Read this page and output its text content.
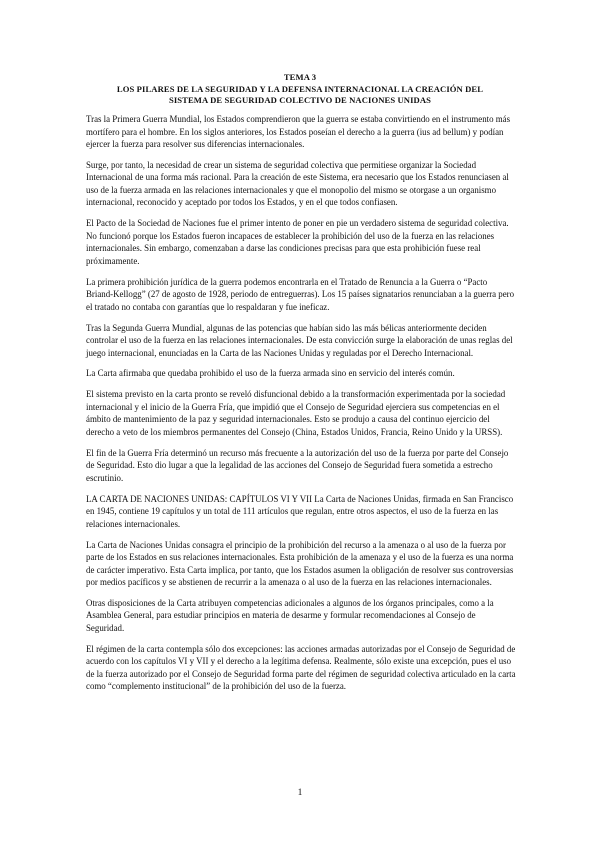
TEMA 3
LOS PILARES DE LA SEGURIDAD Y LA DEFENSA INTERNACIONAL LA CREACIÓN DEL
SISTEMA DE SEGURIDAD COLECTIVO DE NACIONES UNIDAS

Tras la Primera Guerra Mundial, los Estados comprendieron que la guerra se estaba convirtiendo en el instrumento más mortífero para el hombre. En los siglos anteriores, los Estados poseían el derecho a la guerra (ius ad bellum) y podían ejercer la fuerza para resolver sus diferencias internacionales.

Surge, por tanto, la necesidad de crear un sistema de seguridad colectiva que permitiese organizar la Sociedad Internacional de una forma más racional. Para la creación de este Sistema, era necesario que los Estados renunciasen al uso de la fuerza armada en las relaciones internacionales y que el monopolio del mismo se otorgase a un organismo internacional, reconocido y aceptado por todos los Estados, y en el que todos confiasen.

El Pacto de la Sociedad de Naciones fue el primer intento de poner en pie un verdadero sistema de seguridad colectiva. No funcionó porque los Estados fueron incapaces de establecer la prohibición del uso de la fuerza en las relaciones internacionales. Sin embargo, comenzaban a darse las condiciones precisas para que esta prohibición fuese real próximamente.

La primera prohibición jurídica de la guerra podemos encontrarla en el Tratado de Renuncia a la Guerra o “Pacto Briand-Kellogg” (27 de agosto de 1928, periodo de entreguerras). Los 15 países signatarios renunciaban a la guerra pero el tratado no contaba con garantías que lo respaldaran y fue ineficaz.

Tras la Segunda Guerra Mundial, algunas de las potencias que habían sido las más bélicas anteriormente deciden controlar el uso de la fuerza en las relaciones internacionales. De esta convicción surge la elaboración de unas reglas del juego internacional, enunciadas en la Carta de las Naciones Unidas y reguladas por el Derecho Internacional.

La Carta afirmaba que quedaba prohibido el uso de la fuerza armada sino en servicio del interés común.

El sistema previsto en la carta pronto se reveló disfuncional debido a la transformación experimentada por la sociedad internacional y el inicio de la Guerra Fría, que impidió que el Consejo de Seguridad ejerciera sus competencias en el ámbito de mantenimiento de la paz y seguridad internacionales. Esto se produjo a causa del continuo ejercicio del derecho a veto de los miembros permanentes del Consejo (China, Estados Unidos, Francia, Reino Unido y la URSS).

El fin de la Guerra Fría determinó un recurso más frecuente a la autorización del uso de la fuerza por parte del Consejo de Seguridad. Esto dio lugar a que la legalidad de las acciones del Consejo de Seguridad fuera sometida a estrecho escrutinio.

LA CARTA DE NACIONES UNIDAS: CAPÍTULOS VI Y VII La Carta de Naciones Unidas, firmada en San Francisco en 1945, contiene 19 capítulos y un total de 111 artículos que regulan, entre otros aspectos, el uso de la fuerza en las relaciones internacionales.

La Carta de Naciones Unidas consagra el principio de la prohibición del recurso a la amenaza o al uso de la fuerza por parte de los Estados en sus relaciones internacionales. Esta prohibición de la amenaza y el uso de la fuerza es una norma de carácter imperativo. Esta Carta implica, por tanto, que los Estados asumen la obligación de resolver sus controversias por medios pacíficos y se abstienen de recurrir a la amenaza o al uso de la fuerza en las relaciones internacionales.

Otras disposiciones de la Carta atribuyen competencias adicionales a algunos de los órganos principales, como a la Asamblea General, para estudiar principios en materia de desarme y formular recomendaciones al Consejo de Seguridad.

El régimen de la carta contempla sólo dos excepciones: las acciones armadas autorizadas por el Consejo de Seguridad de acuerdo con los capítulos VI y VII y el derecho a la legítima defensa. Realmente, sólo existe una excepción, pues el uso de la fuerza autorizado por el Consejo de Seguridad forma parte del régimen de seguridad colectiva articulado en la carta como “complemento institucional” de la prohibición del uso de la fuerza.

1
